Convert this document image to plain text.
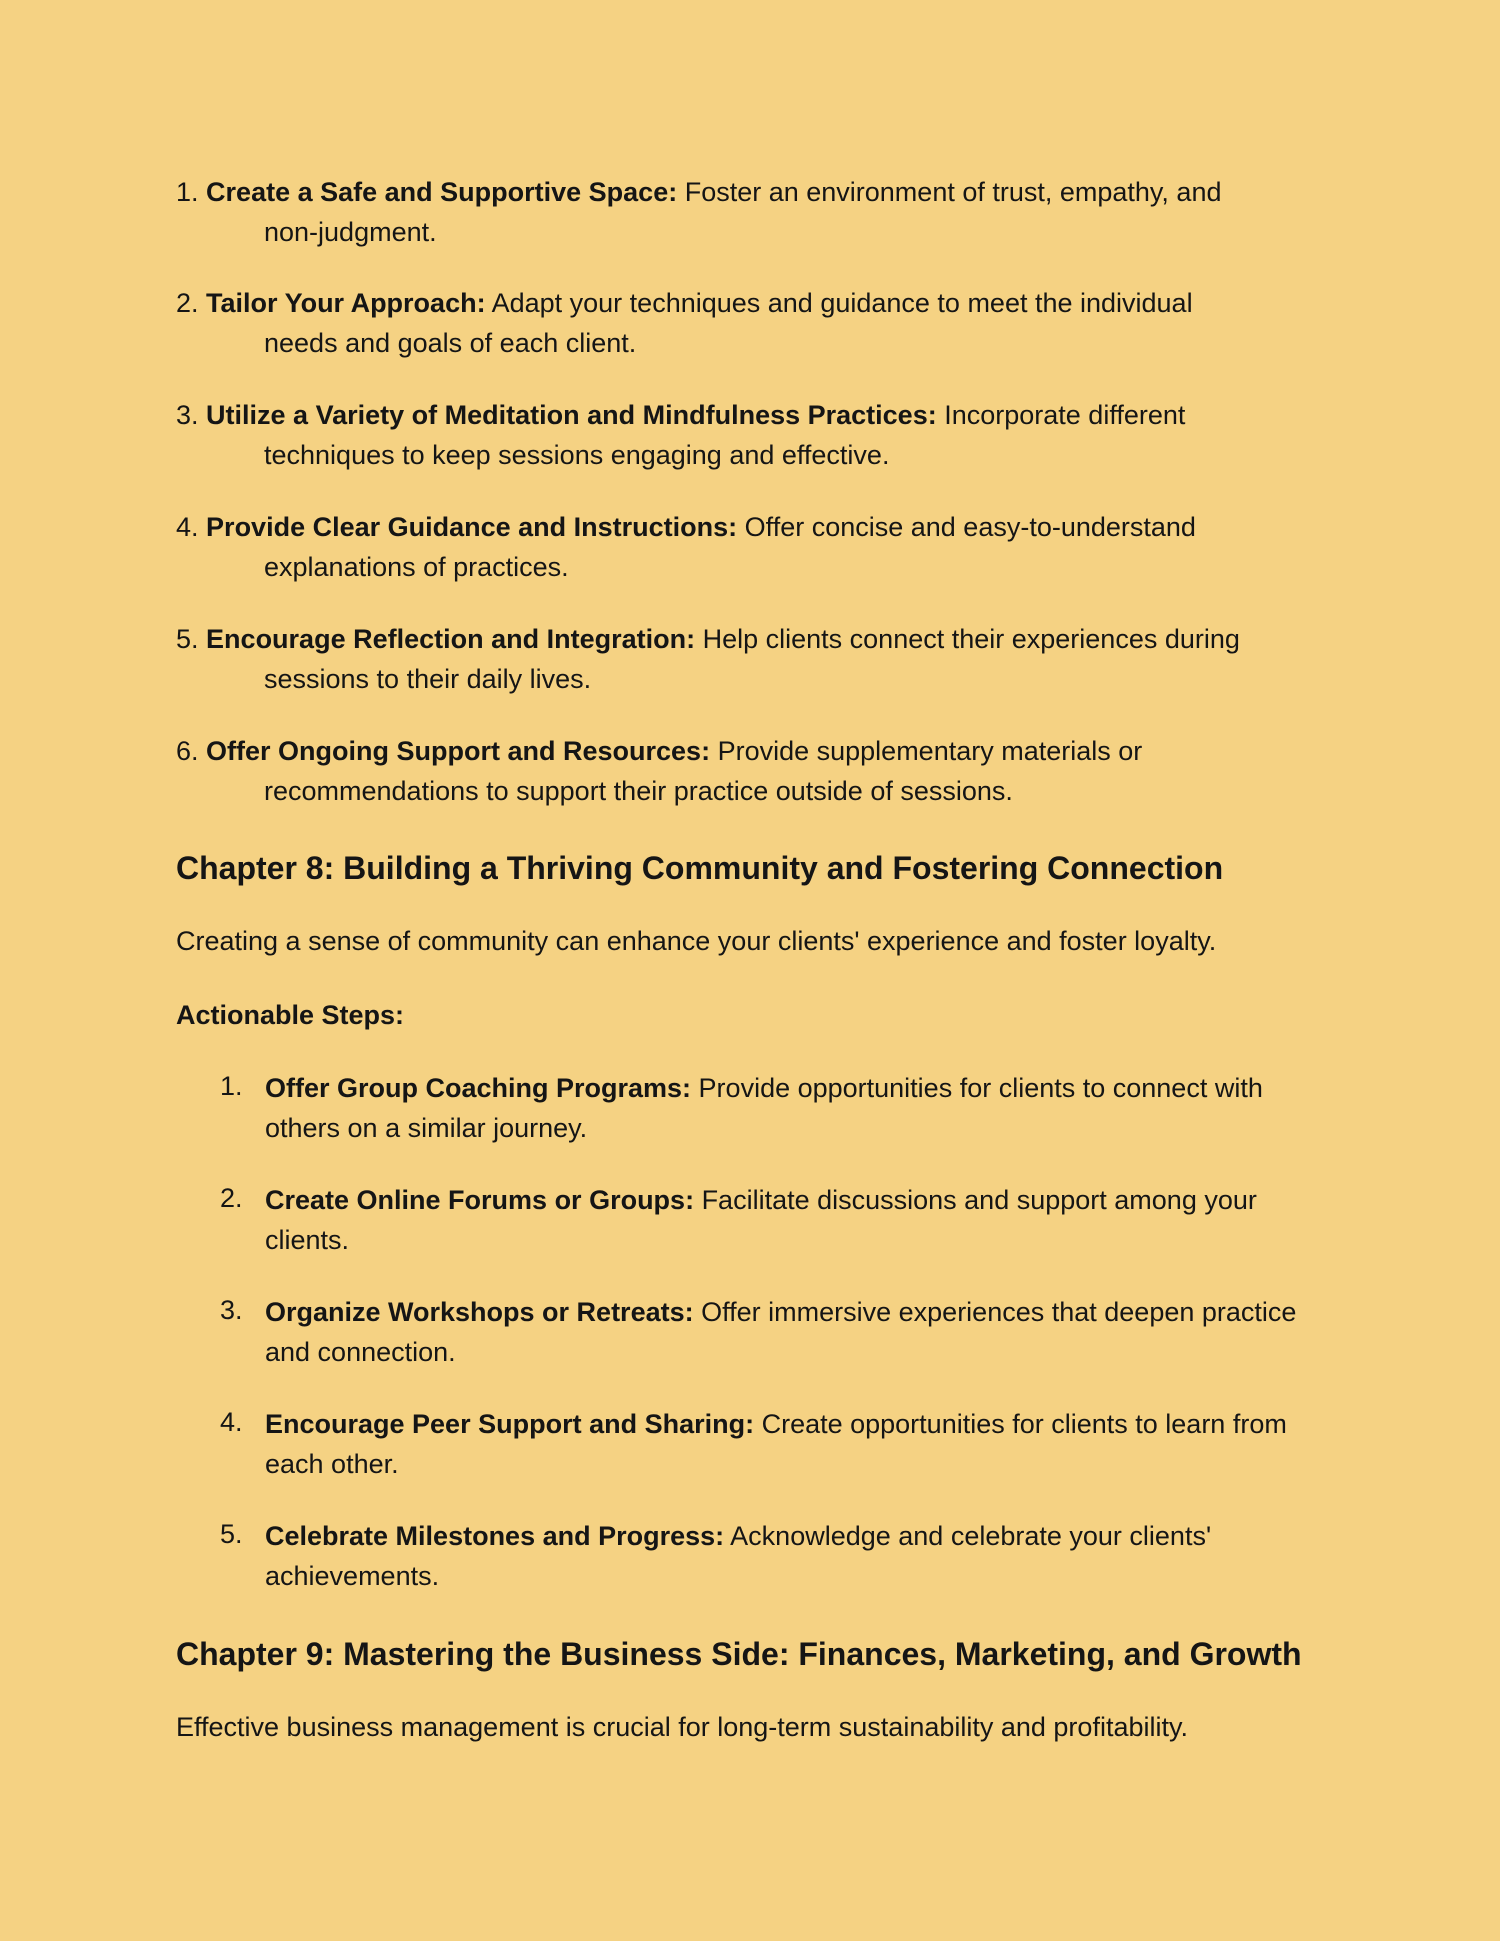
1. Create a Safe and Supportive Space: Foster an environment of trust, empathy, and
non-judgment.
2. Tailor Your Approach: Adapt your techniques and guidance to meet the individual
needs and goals of each client.
3. Utilize a Variety of Meditation and Mindfulness Practices: Incorporate different
techniques to keep sessions engaging and effective.
4. Provide Clear Guidance and Instructions: Offer concise and easy-to-understand
explanations of practices.
5. Encourage Reflection and Integration: Help clients connect their experiences during
sessions to their daily lives.
6. Offer Ongoing Support and Resources: Provide supplementary materials or
recommendations to support their practice outside of sessions.
Chapter 8: Building a Thriving Community and Fostering Connection
Creating a sense of community can enhance your clients' experience and foster loyalty.
Actionable Steps:
1. Offer Group Coaching Programs: Provide opportunities for clients to connect with
others on a similar journey.
2. Create Online Forums or Groups: Facilitate discussions and support among your
clients.
3. Organize Workshops or Retreats: Offer immersive experiences that deepen practice
and connection.
4. Encourage Peer Support and Sharing: Create opportunities for clients to learn from
each other.
5. Celebrate Milestones and Progress: Acknowledge and celebrate your clients'
achievements.
Chapter 9: Mastering the Business Side: Finances, Marketing, and Growth
Effective business management is crucial for long-term sustainability and profitability.
